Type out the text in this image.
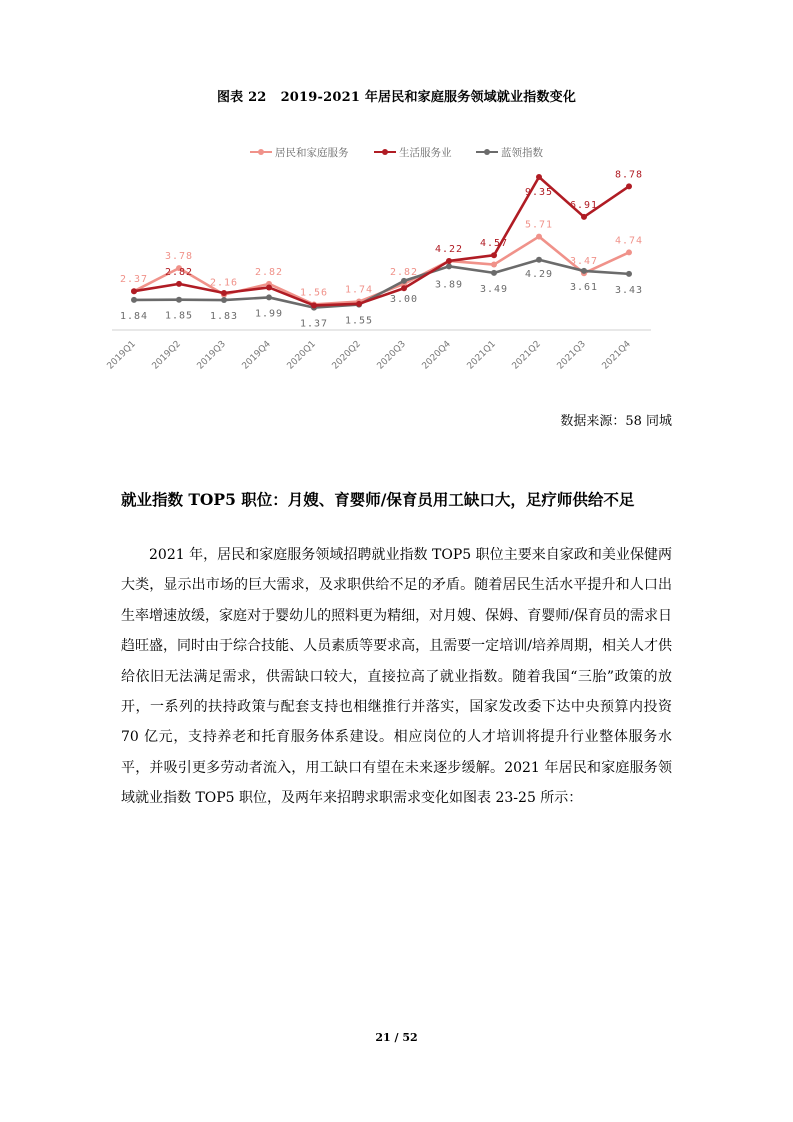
图表 22 2019-2021 年居民和家庭服务领域就业指数变化
居民和家庭服务	生活服务业	蓝领指数
2.37
3.78
2.16
2.82
1.56 1.74
2.82
5.71
3.47
4.74
2.82
4.22
4.57
9.35
6.91
8.78
1.84 1.85 1.83 1.99
1.37 1.55
3.00
3.89 3.49
4.29
3.61 3.43
2019Q1 2019Q2 2019Q3 2019Q4 2020Q1 2020Q2 2020Q3 2020Q4 2021Q1 2021Q2 2021Q3 2021Q4
数据来源：58 同城
就业指数 TOP5 职位：月嫂、育婴师/保育员用工缺口大，足疗师供给不足

2021 年，居民和家庭服务领域招聘就业指数 TOP5 职位主要来自家政和美业保健两大类，显示出市场的巨大需求，及求职供给不足的矛盾。随着居民生活水平提升和人口出生率增速放缓，家庭对于婴幼儿的照料更为精细，对月嫂、保姆、育婴师/保育员的需求日趋旺盛，同时由于综合技能、人员素质等要求高，且需要一定培训/培养周期，相关人才供给依旧无法满足需求，供需缺口较大，直接拉高了就业指数。随着我国“三胎”政策的放开，一系列的扶持政策与配套支持也相继推行并落实，国家发改委下达中央预算内投资 70 亿元，支持养老和托育服务体系建设。相应岗位的人才培训将提升行业整体服务水平，并吸引更多劳动者流入，用工缺口有望在未来逐步缓解。2021 年居民和家庭服务领域就业指数 TOP5 职位，及两年来招聘求职需求变化如图表 23-25 所示：

21 / 52
